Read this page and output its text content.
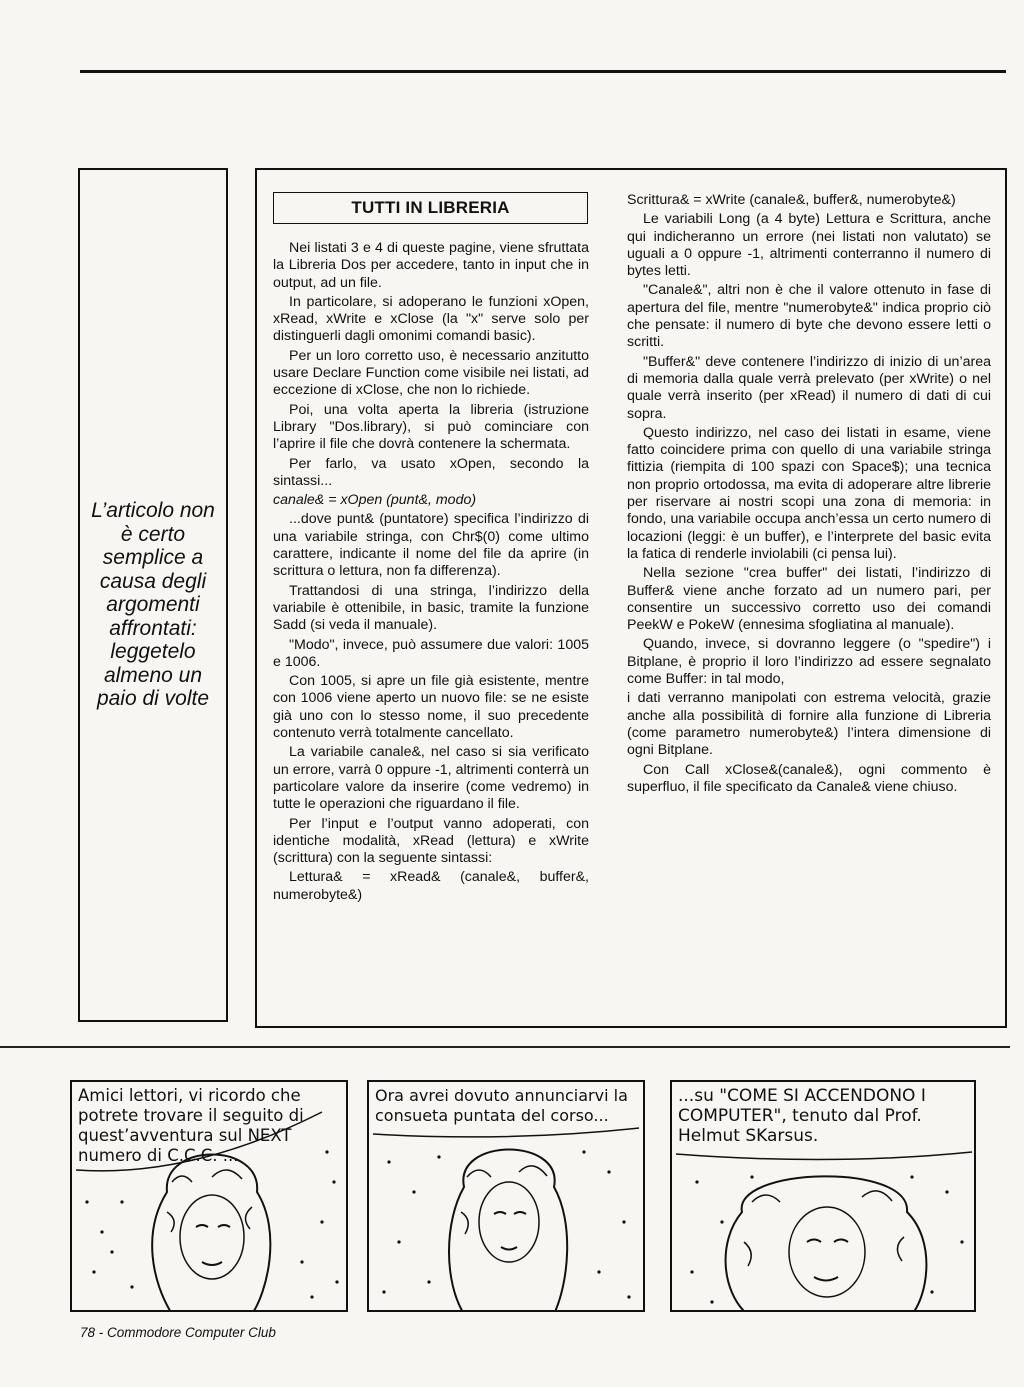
L’articolo non è certo semplice a causa degli argomenti affrontati: leggetelo almeno un paio di volte
TUTTI IN LIBRERIA

Nei listati 3 e 4 di queste pagine, viene sfruttata la Libreria Dos per accedere, tanto in input che in output, ad un file.

In particolare, si adoperano le funzioni xOpen, xRead, xWrite e xClose (la "x" serve solo per distinguerli dagli omonimi comandi basic).

Per un loro corretto uso, è necessario anzitutto usare Declare Function come visibile nei listati, ad eccezione di xClose, che non lo richiede.

Poi, una volta aperta la libreria (istruzione Library "Dos.library), si può cominciare con l’aprire il file che dovrà contenere la schermata.

Per farlo, va usato xOpen, secondo la sintassi...

canale& = xOpen (punt&, modo)

...dove punt& (puntatore) specifica l’indirizzo di una variabile stringa, con Chr$(0) come ultimo carattere, indicante il nome del file da aprire (in scrittura o lettura, non fa differenza).

Trattandosi di una stringa, l’indirizzo della variabile è ottenibile, in basic, tramite la funzione Sadd (si veda il manuale).

"Modo", invece, può assumere due valori: 1005 e 1006.

Con 1005, si apre un file già esistente, mentre con 1006 viene aperto un nuovo file: se ne esiste già uno con lo stesso nome, il suo precedente contenuto verrà totalmente cancellato.

La variabile canale&, nel caso si sia verificato un errore, varrà 0 oppure -1, altrimenti conterrà un particolare valore da inserire (come vedremo) in tutte le operazioni che riguardano il file.

Per l’input e l’output vanno adoperati, con identiche modalità, xRead (lettura) e xWrite (scrittura) con la seguente sintassi:

Lettura& = xRead& (canale&, buffer&, numerobyte&)

Scrittura& = xWrite (canale&, buffer&, numerobyte&)

Le variabili Long (a 4 byte) Lettura e Scrittura, anche qui indicheranno un errore (nei listati non valutato) se uguali a 0 oppure -1, altrimenti conterranno il numero di bytes letti.

"Canale&", altri non è che il valore ottenuto in fase di apertura del file, mentre "numerobyte&" indica proprio ciò che pensate: il numero di byte che devono essere letti o scritti.

"Buffer&" deve contenere l’indirizzo di inizio di un’area di memoria dalla quale verrà prelevato (per xWrite) o nel quale verrà inserito (per xRead) il numero di dati di cui sopra.

Questo indirizzo, nel caso dei listati in esame, viene fatto coincidere prima con quello di una variabile stringa fittizia (riempita di 100 spazi con Space$); una tecnica non proprio ortodossa, ma evita di adoperare altre librerie per riservare ai nostri scopi una zona di memoria: in fondo, una variabile occupa anch’essa un certo numero di locazioni (leggi: è un buffer), e l’interprete del basic evita la fatica di renderle inviolabili (ci pensa lui).

Nella sezione "crea buffer" dei listati, l’indirizzo di Buffer& viene anche forzato ad un numero pari, per consentire un successivo corretto uso dei comandi PeekW e PokeW (ennesima sfogliatina al manuale).

Quando, invece, si dovranno leggere (o "spedire") i Bitplane, è proprio il loro l’indirizzo ad essere segnalato come Buffer: in tal modo,

i dati verranno manipolati con estrema velocità, grazie anche alla possibilità di fornire alla funzione di Libreria (come parametro numerobyte&) l’intera dimensione di ogni Bitplane.

Con Call xClose&(canale&), ogni commento è superfluo, il file specificato da Canale& viene chiuso.

Amici lettori, vi ricordo che potrete trovare il seguito di quest’avventura sul NEXT numero di C.C.C. ...
Ora avrei dovuto annunciarvi la consueta puntata del corso...
...su "COME SI ACCENDONO I COMPUTER", tenuto dal Prof. Helmut SKarsus.
78 - Commodore Computer Club
